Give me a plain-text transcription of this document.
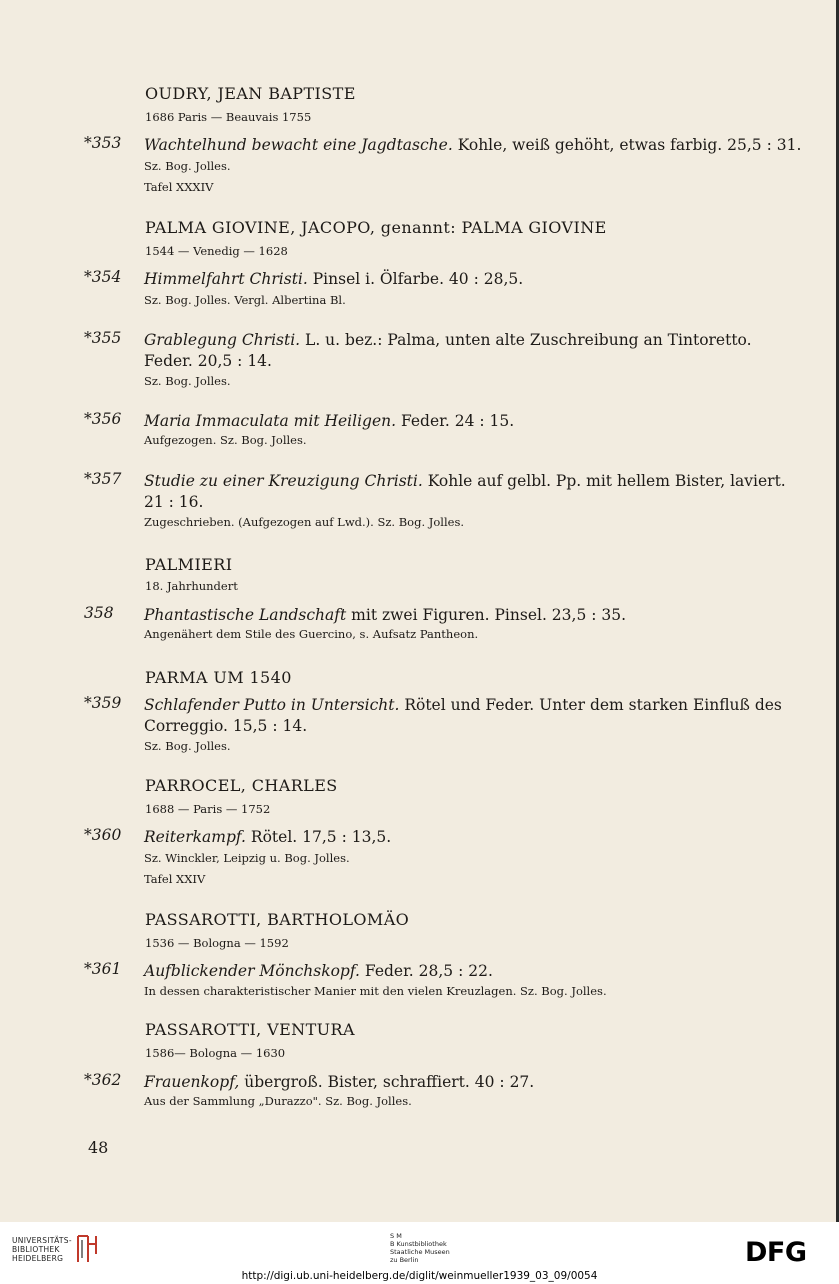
OUDRY, JEAN BAPTISTE
1686 Paris — Beauvais 1755
*353	Wachtelhund bewacht eine Jagdtasche. Kohle, weiß gehöht, etwas farbig. 25,5 : 31.
Sz. Bog. Jolles.
Tafel XXXIV
PALMA GIOVINE, JACOPO, genannt: PALMA GIOVINE
1544 — Venedig — 1628
*354	Himmelfahrt Christi. Pinsel i. Ölfarbe. 40 : 28,5.
Sz. Bog. Jolles. Vergl. Albertina Bl.
*355	Grablegung Christi. L. u. bez.: Palma, unten alte Zuschreibung an Tintoretto.
Feder. 20,5 : 14.
Sz. Bog. Jolles.
*356	Maria Immaculata mit Heiligen. Feder. 24 : 15.
Aufgezogen. Sz. Bog. Jolles.
*357	Studie zu einer Kreuzigung Christi. Kohle auf gelbl. Pp. mit hellem Bister, laviert.
21 : 16.
Zugeschrieben. (Aufgezogen auf Lwd.). Sz. Bog. Jolles.
PALMIERI
18. Jahrhundert
358	Phantastische Landschaft mit zwei Figuren. Pinsel. 23,5 : 35.
Angenähert dem Stile des Guercino, s. Aufsatz Pantheon.
PARMA UM 1540
*359	Schlafender Putto in Untersicht. Rötel und Feder. Unter dem starken Einfluß des
Correggio. 15,5 : 14.
Sz. Bog. Jolles.
PARROCEL, CHARLES
1688 — Paris — 1752
*360	Reiterkampf. Rötel. 17,5 : 13,5.
Sz. Winckler, Leipzig u. Bog. Jolles.
Tafel XXIV
PASSAROTTI, BARTHOLOMÄO
1536 — Bologna — 1592
*361	Aufblickender Mönchskopf. Feder. 28,5 : 22.
In dessen charakteristischer Manier mit den vielen Kreuzlagen. Sz. Bog. Jolles.
PASSAROTTI, VENTURA
1586— Bologna — 1630
*362	Frauenkopf, übergroß. Bister, schraffiert. 40 : 27.
Aus der Sammlung „Durazzo". Sz. Bog. Jolles.
48
UNIVERSITÄTS-
BIBLIOTHEK
HEIDELBERG
S M
B Kunstbibliothek
Staatliche Museen
zu Berlin	DFG
http://digi.ub.uni-heidelberg.de/diglit/weinmueller1939_03_09/0054
